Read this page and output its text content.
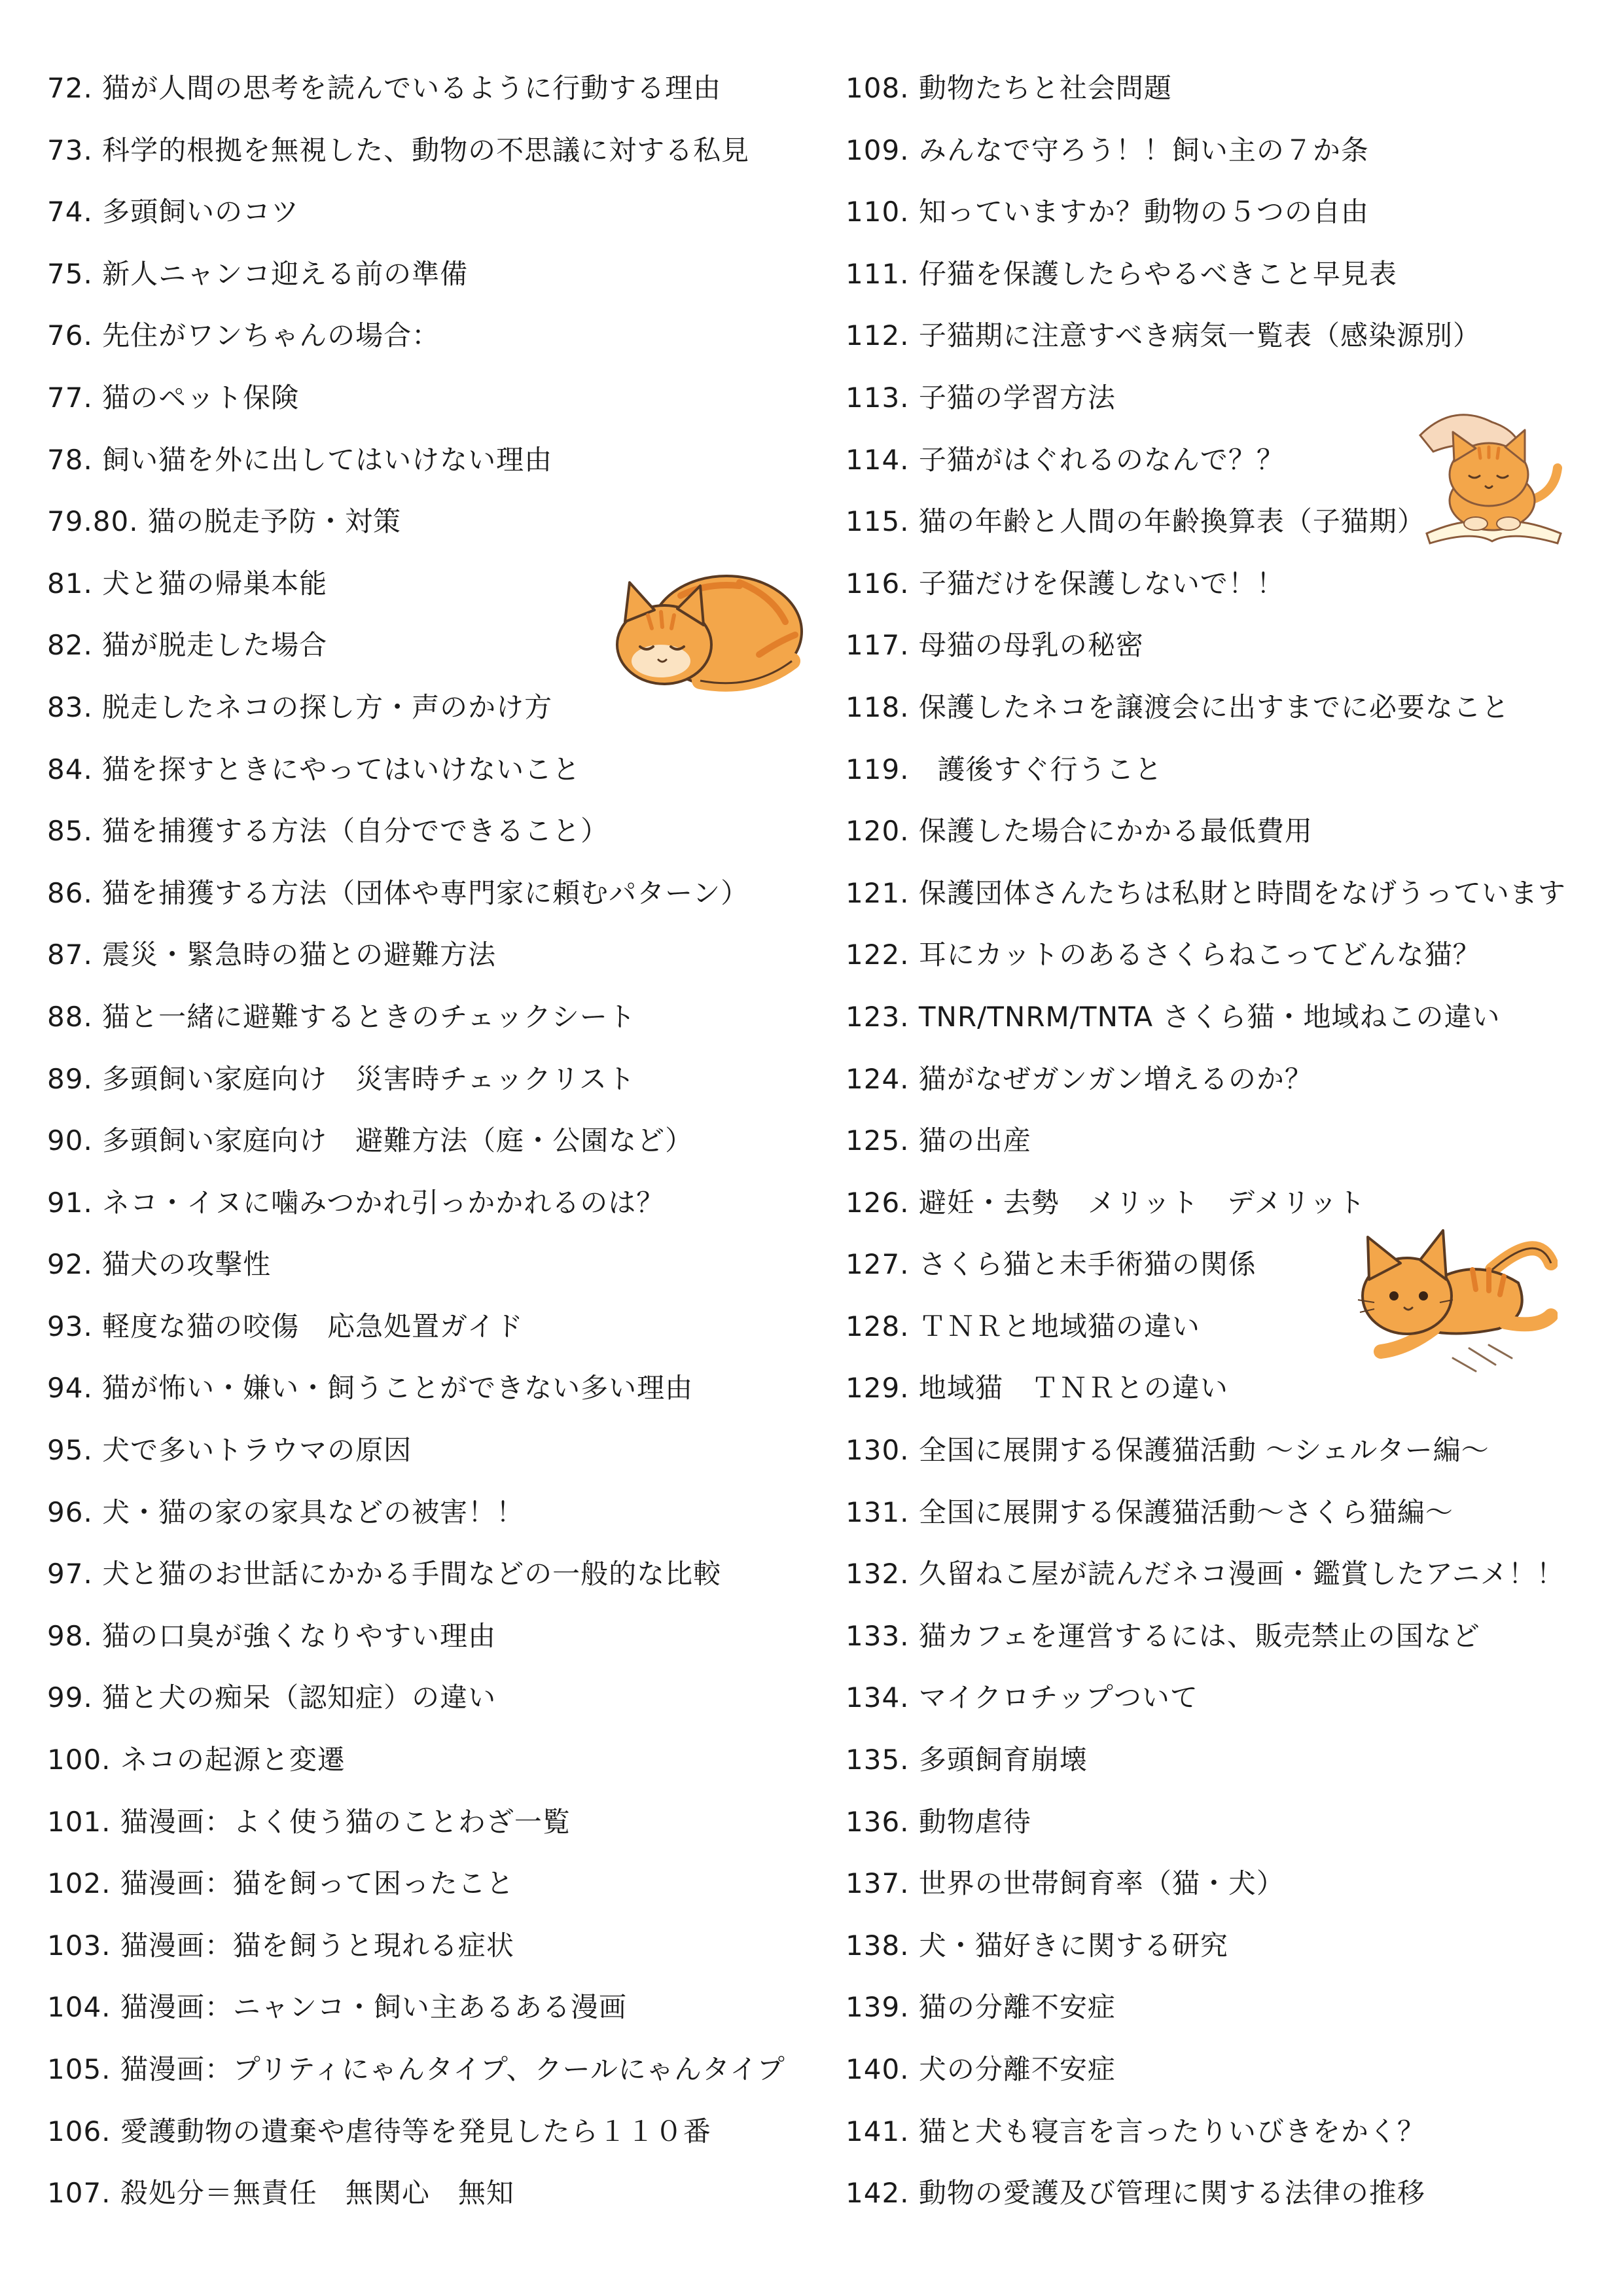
72. 猫が人間の思考を読んでいるように行動する理由
73. 科学的根拠を無視した、動物の不思議に対する私見
74. 多頭飼いのコツ
75. 新人ニャンコ迎える前の準備
76. 先住がワンちゃんの場合：
77. 猫のペット保険
78. 飼い猫を外に出してはいけない理由
79.80. 猫の脱走予防・対策
81. 犬と猫の帰巣本能
82. 猫が脱走した場合
83. 脱走したネコの探し方・声のかけ方
84. 猫を探すときにやってはいけないこと
85. 猫を捕獲する方法（自分でできること）
86. 猫を捕獲する方法（団体や専門家に頼むパターン）
87. 震災・緊急時の猫との避難方法
88. 猫と一緒に避難するときのチェックシート
89. 多頭飼い家庭向け　災害時チェックリスト
90. 多頭飼い家庭向け　避難方法（庭・公園など）
91. ネコ・イヌに噛みつかれ引っかかれるのは？
92. 猫犬の攻撃性
93. 軽度な猫の咬傷　応急処置ガイド
94. 猫が怖い・嫌い・飼うことができない多い理由
95. 犬で多いトラウマの原因
96. 犬・猫の家の家具などの被害！！
97. 犬と猫のお世話にかかる手間などの一般的な比較
98. 猫の口臭が強くなりやすい理由
99. 猫と犬の痴呆（認知症）の違い
100. ネコの起源と変遷
101. 猫漫画：よく使う猫のことわざ一覧
102. 猫漫画：猫を飼って困ったこと
103. 猫漫画：猫を飼うと現れる症状
104. 猫漫画：ニャンコ・飼い主あるある漫画
105. 猫漫画：プリティにゃんタイプ、クールにゃんタイプ
106. 愛護動物の遺棄や虐待等を発見したら１１０番
107. 殺処分＝無責任　無関心　無知
108. 動物たちと社会問題
109. みんなで守ろう！！飼い主の７か条
110. 知っていますか？動物の５つの自由
111. 仔猫を保護したらやるべきこと早見表
112. 子猫期に注意すべき病気一覧表（感染源別）
113. 子猫の学習方法
114. 子猫がはぐれるのなんで？？
115. 猫の年齢と人間の年齢換算表（子猫期）
116. 子猫だけを保護しないで！！
117. 母猫の母乳の秘密
118. 保護したネコを譲渡会に出すまでに必要なこと
119.　護後すぐ行うこと
120. 保護した場合にかかる最低費用
121. 保護団体さんたちは私財と時間をなげうっています
122. 耳にカットのあるさくらねこってどんな猫？
123. TNR/TNRM/TNTA さくら猫・地域ねこの違い
124. 猫がなぜガンガン増えるのか？
125. 猫の出産
126. 避妊・去勢　メリット　デメリット
127. さくら猫と未手術猫の関係
128. ＴＮＲと地域猫の違い
129. 地域猫　ＴＮＲとの違い
130. 全国に展開する保護猫活動 ～シェルター編～
131. 全国に展開する保護猫活動～さくら猫編～
132. 久留ねこ屋が読んだネコ漫画・鑑賞したアニメ！！
133. 猫カフェを運営するには、販売禁止の国など
134. マイクロチップついて
135. 多頭飼育崩壊
136. 動物虐待
137. 世界の世帯飼育率（猫・犬）
138. 犬・猫好きに関する研究
139. 猫の分離不安症
140. 犬の分離不安症
141. 猫と犬も寝言を言ったりいびきをかく？
142. 動物の愛護及び管理に関する法律の推移
